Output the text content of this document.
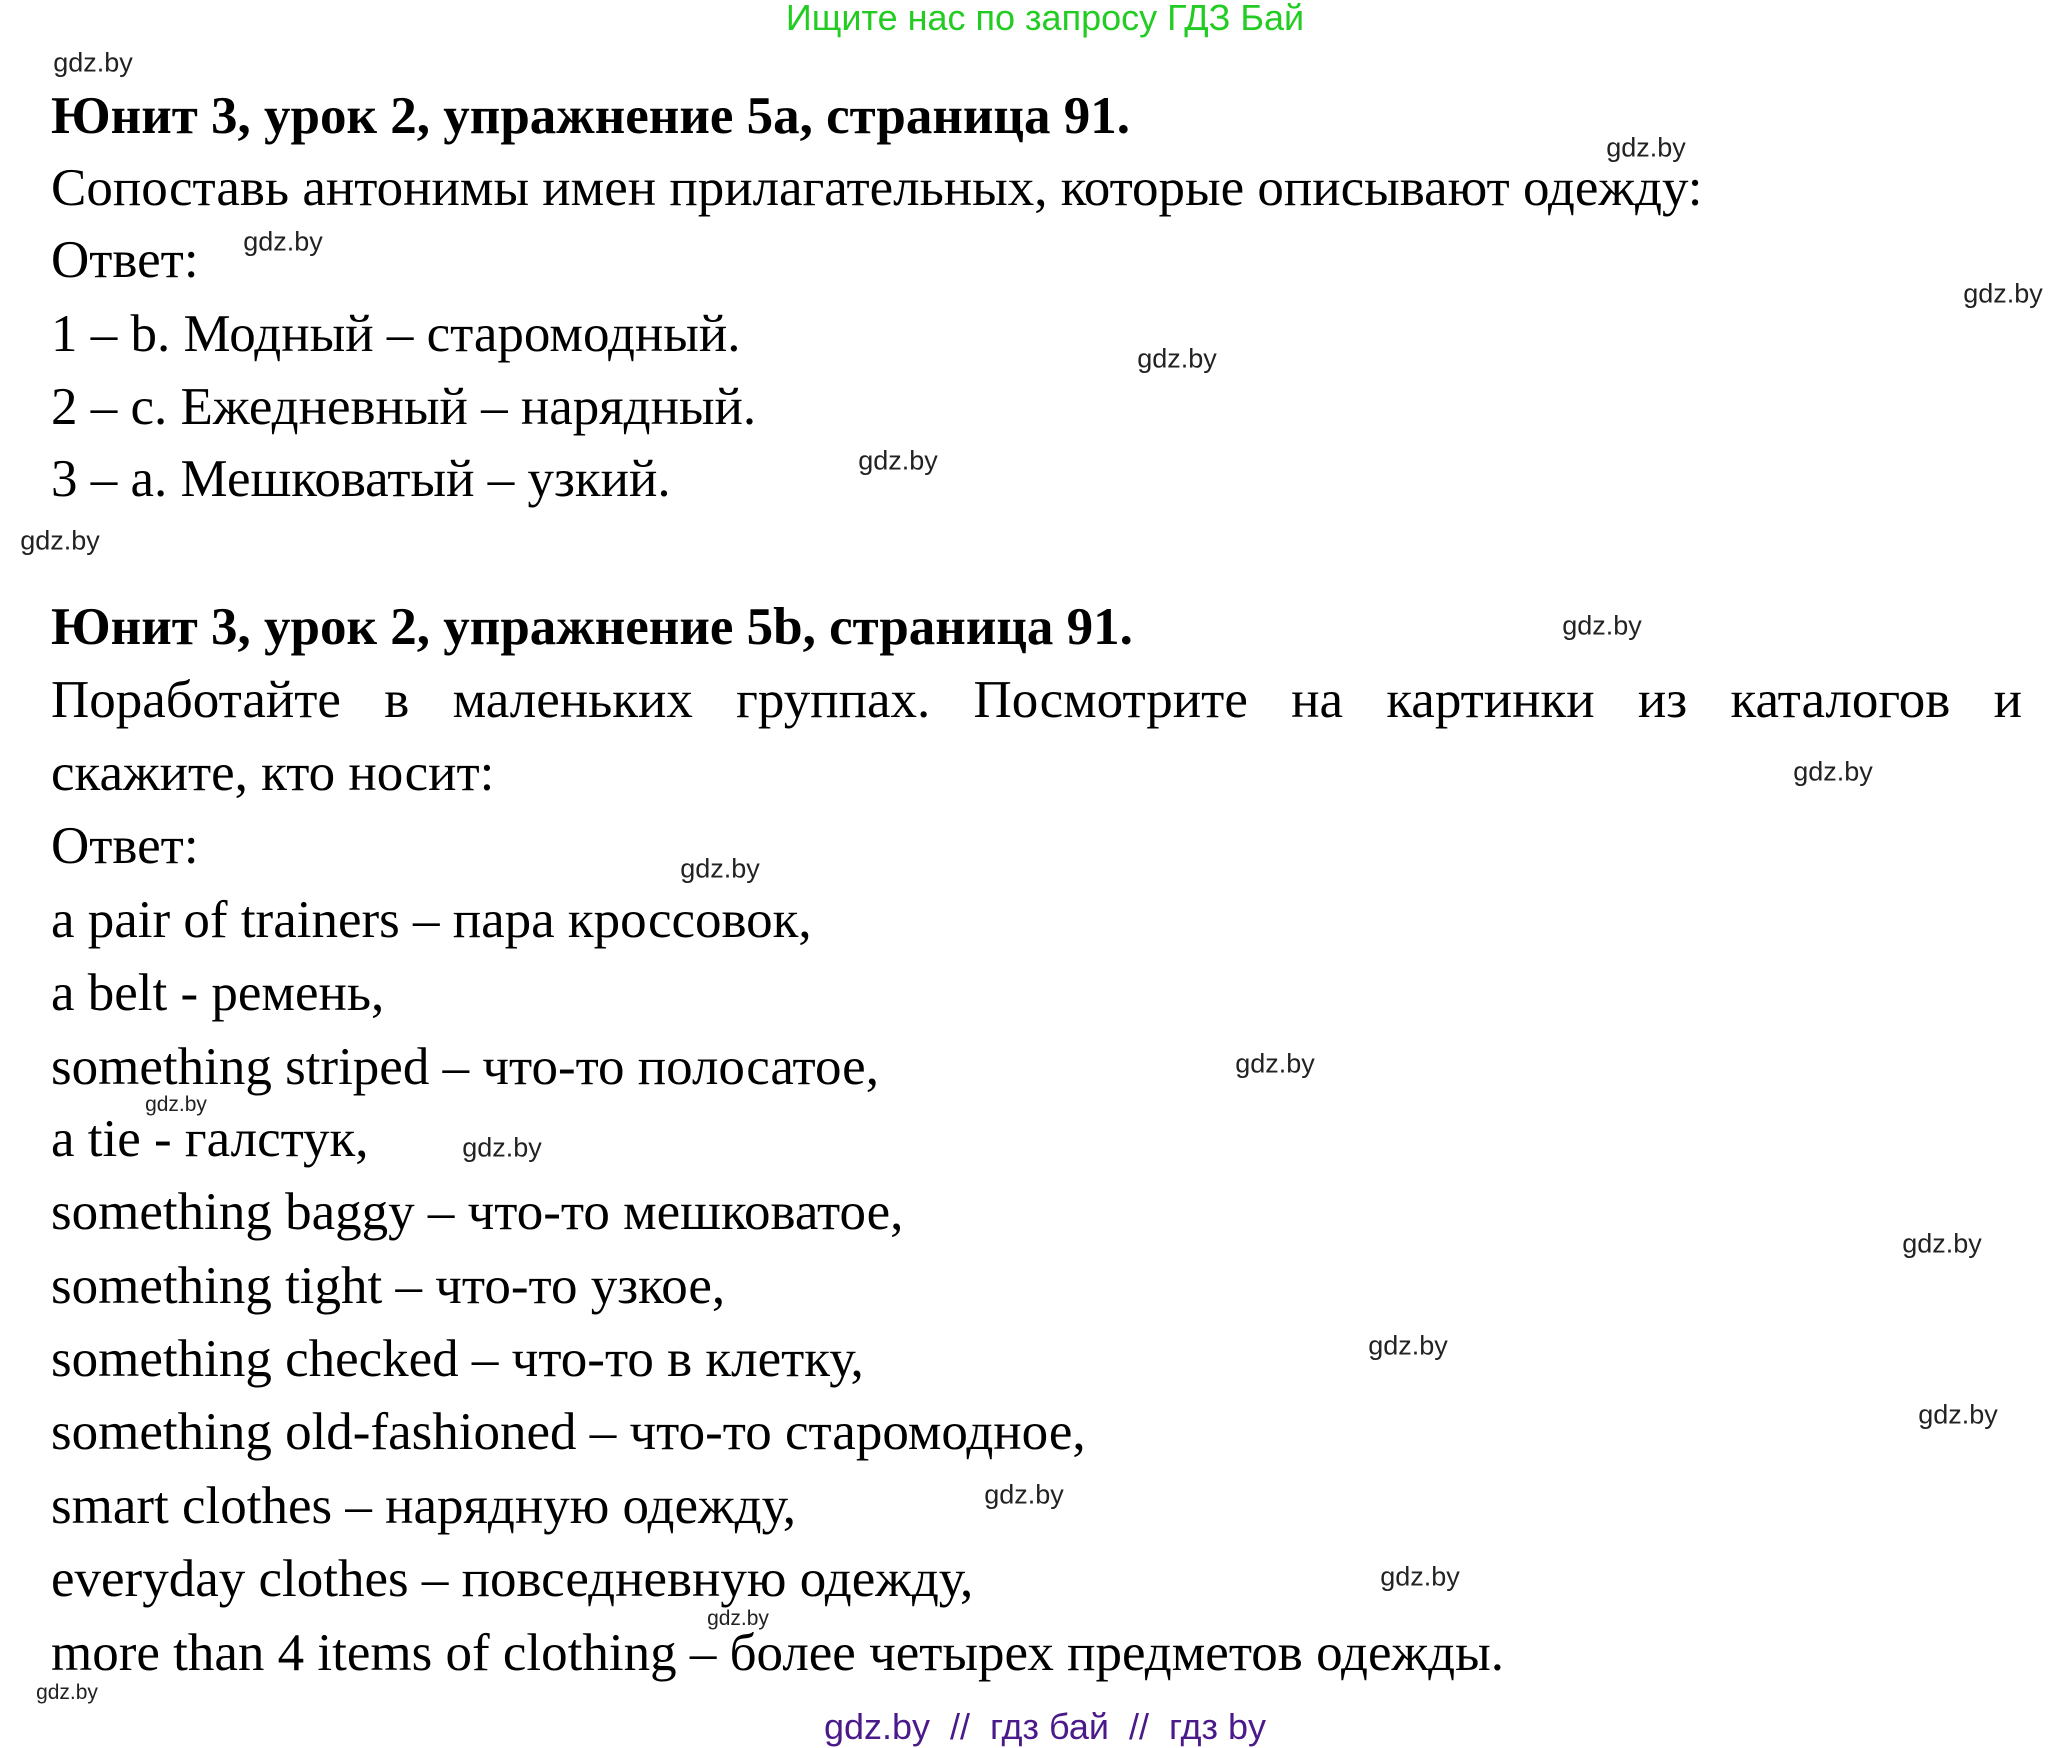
Ищите нас по запросу ГДЗ Бай
Юнит 3, урок 2, упражнение 5a, страница 91.
Сопоставь антонимы имен прилагательных, которые описывают одежду:
Ответ:
1 – b. Модный – старомодный.
2 – c. Ежедневный – нарядный.
3 – a. Мешковатый – узкий.
Юнит 3, урок 2, упражнение 5b, страница 91.
Поработайте в маленьких группах. Посмотрите на картинки из каталогов и
скажите, кто носит:
Ответ:
a pair of trainers – пара кроссовок,
a belt - ремень,
something striped – что-то полосатое,
a tie - галстук,
something baggy – что-то мешковатое,
something tight – что-то узкое,
something checked – что-то в клетку,
something old-fashioned – что-то старомодное,
smart clothes – нарядную одежду,
everyday clothes – повседневную одежду,
more than 4 items of clothing – более четырех предметов одежды.
gdz.by
gdz.by
gdz.by
gdz.by
gdz.by
gdz.by
gdz.by
gdz.by
gdz.by
gdz.by
gdz.by
gdz.by
gdz.by
gdz.by
gdz.by
gdz.by
gdz.by
gdz.by
gdz.by
gdz.by
gdz.by  //  гдз бай  //  гдз by
